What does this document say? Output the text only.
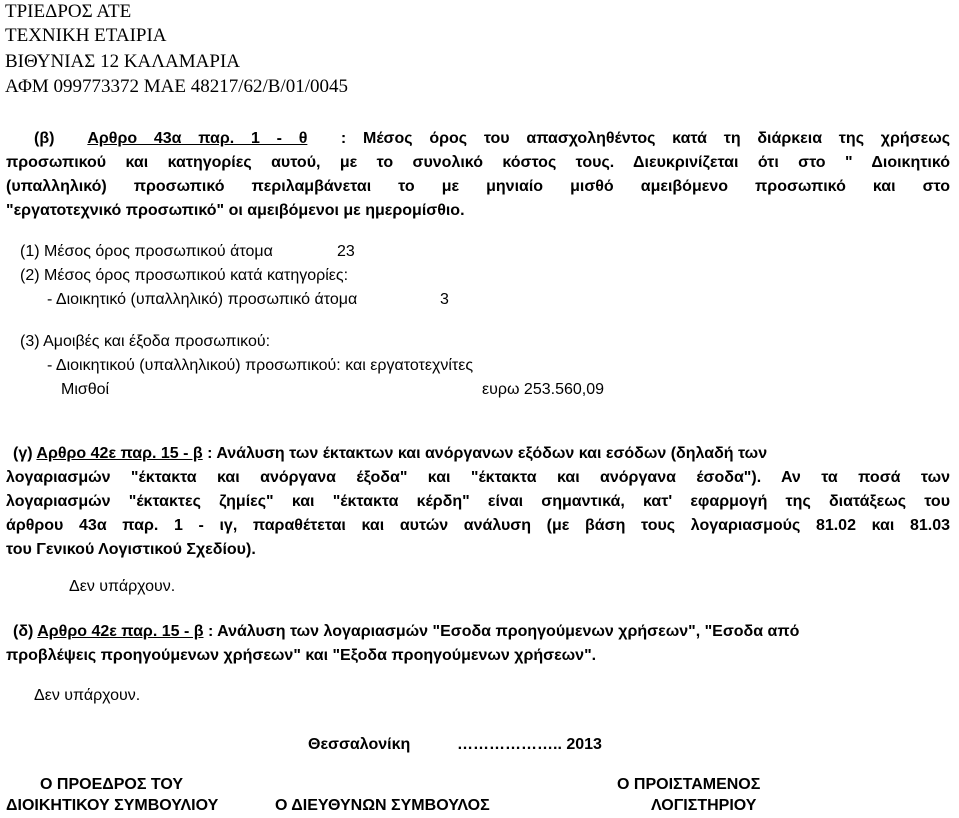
ΤΡΙΕΔΡΟΣ ΑΤΕ
ΤΕΧΝΙΚΗ ΕΤΑΙΡΙΑ
ΒΙΘΥΝΙΑΣ 12 ΚΑΛΑΜΑΡΙΑ
ΑΦΜ 099773372 ΜΑΕ 48217/62/Β/01/0045
(β) Αρθρο 43α παρ. 1 - θ  : Μέσος όρος του απασχοληθέντος κατά τη διάρκεια της χρήσεως
προσωπικού και κατηγορίες αυτού, με το συνολικό κόστος τους. Διευκρινίζεται ότι στο " Διοικητικό
(υπαλληλικό) προσωπικό περιλαμβάνεται το με μηνιαίο μισθό αμειβόμενο προσωπικό και στο
"εργατοτεχνικό προσωπικό" οι αμειβόμενοι με ημερομίσθιο.
(1) Μέσος όρος προσωπικού άτομα	23
(2) Μέσος όρος προσωπικού κατά κατηγορίες:
- Διοικητικό (υπαλληλικό) προσωπικό άτομα	3
(3) Αμοιβές και έξοδα προσωπικού:
- Διοικητικού (υπαλληλικού) προσωπικού: και εργατοτεχνίτες
Μισθοί	ευρω 253.560,09
(γ) Αρθρο 42ε παρ. 15 - β : Ανάλυση των έκτακτων και ανόργανων εξόδων και εσόδων (δηλαδή των
λογαριασμών "έκτακτα και ανόργανα έξοδα" και "έκτακτα και ανόργανα έσοδα"). Αν τα ποσά των
λογαριασμών "έκτακτες ζημίες" και "έκτακτα κέρδη" είναι σημαντικά, κατ' εφαρμογή της διατάξεως του
άρθρου 43α παρ. 1 - ιγ, παραθέτεται και αυτών ανάλυση (με βάση τους λογαριασμούς 81.02 και 81.03
του Γενικού Λογιστικού Σχεδίου).
Δεν υπάρχουν.
(δ) Αρθρο 42ε παρ. 15 - β : Ανάλυση των λογαριασμών "Εσοδα προηγούμενων χρήσεων", "Εσοδα από
προβλέψεις προηγούμενων χρήσεων" και "Εξοδα προηγούμενων χρήσεων".
Δεν υπάρχουν.
Θεσσαλονίκη	……………….. 2013
Ο ΠΡΟΕΔΡΟΣ ΤΟΥ
ΔΙΟΙΚΗΤΙΚΟΥ ΣΥΜΒΟΥΛΙΟΥ	Ο ΔΙΕΥΘΥΝΩΝ ΣΥΜΒΟΥΛΟΣ
Ο ΠΡΟΙΣΤΑΜΕΝΟΣ
ΛΟΓΙΣΤΗΡΙΟΥ
